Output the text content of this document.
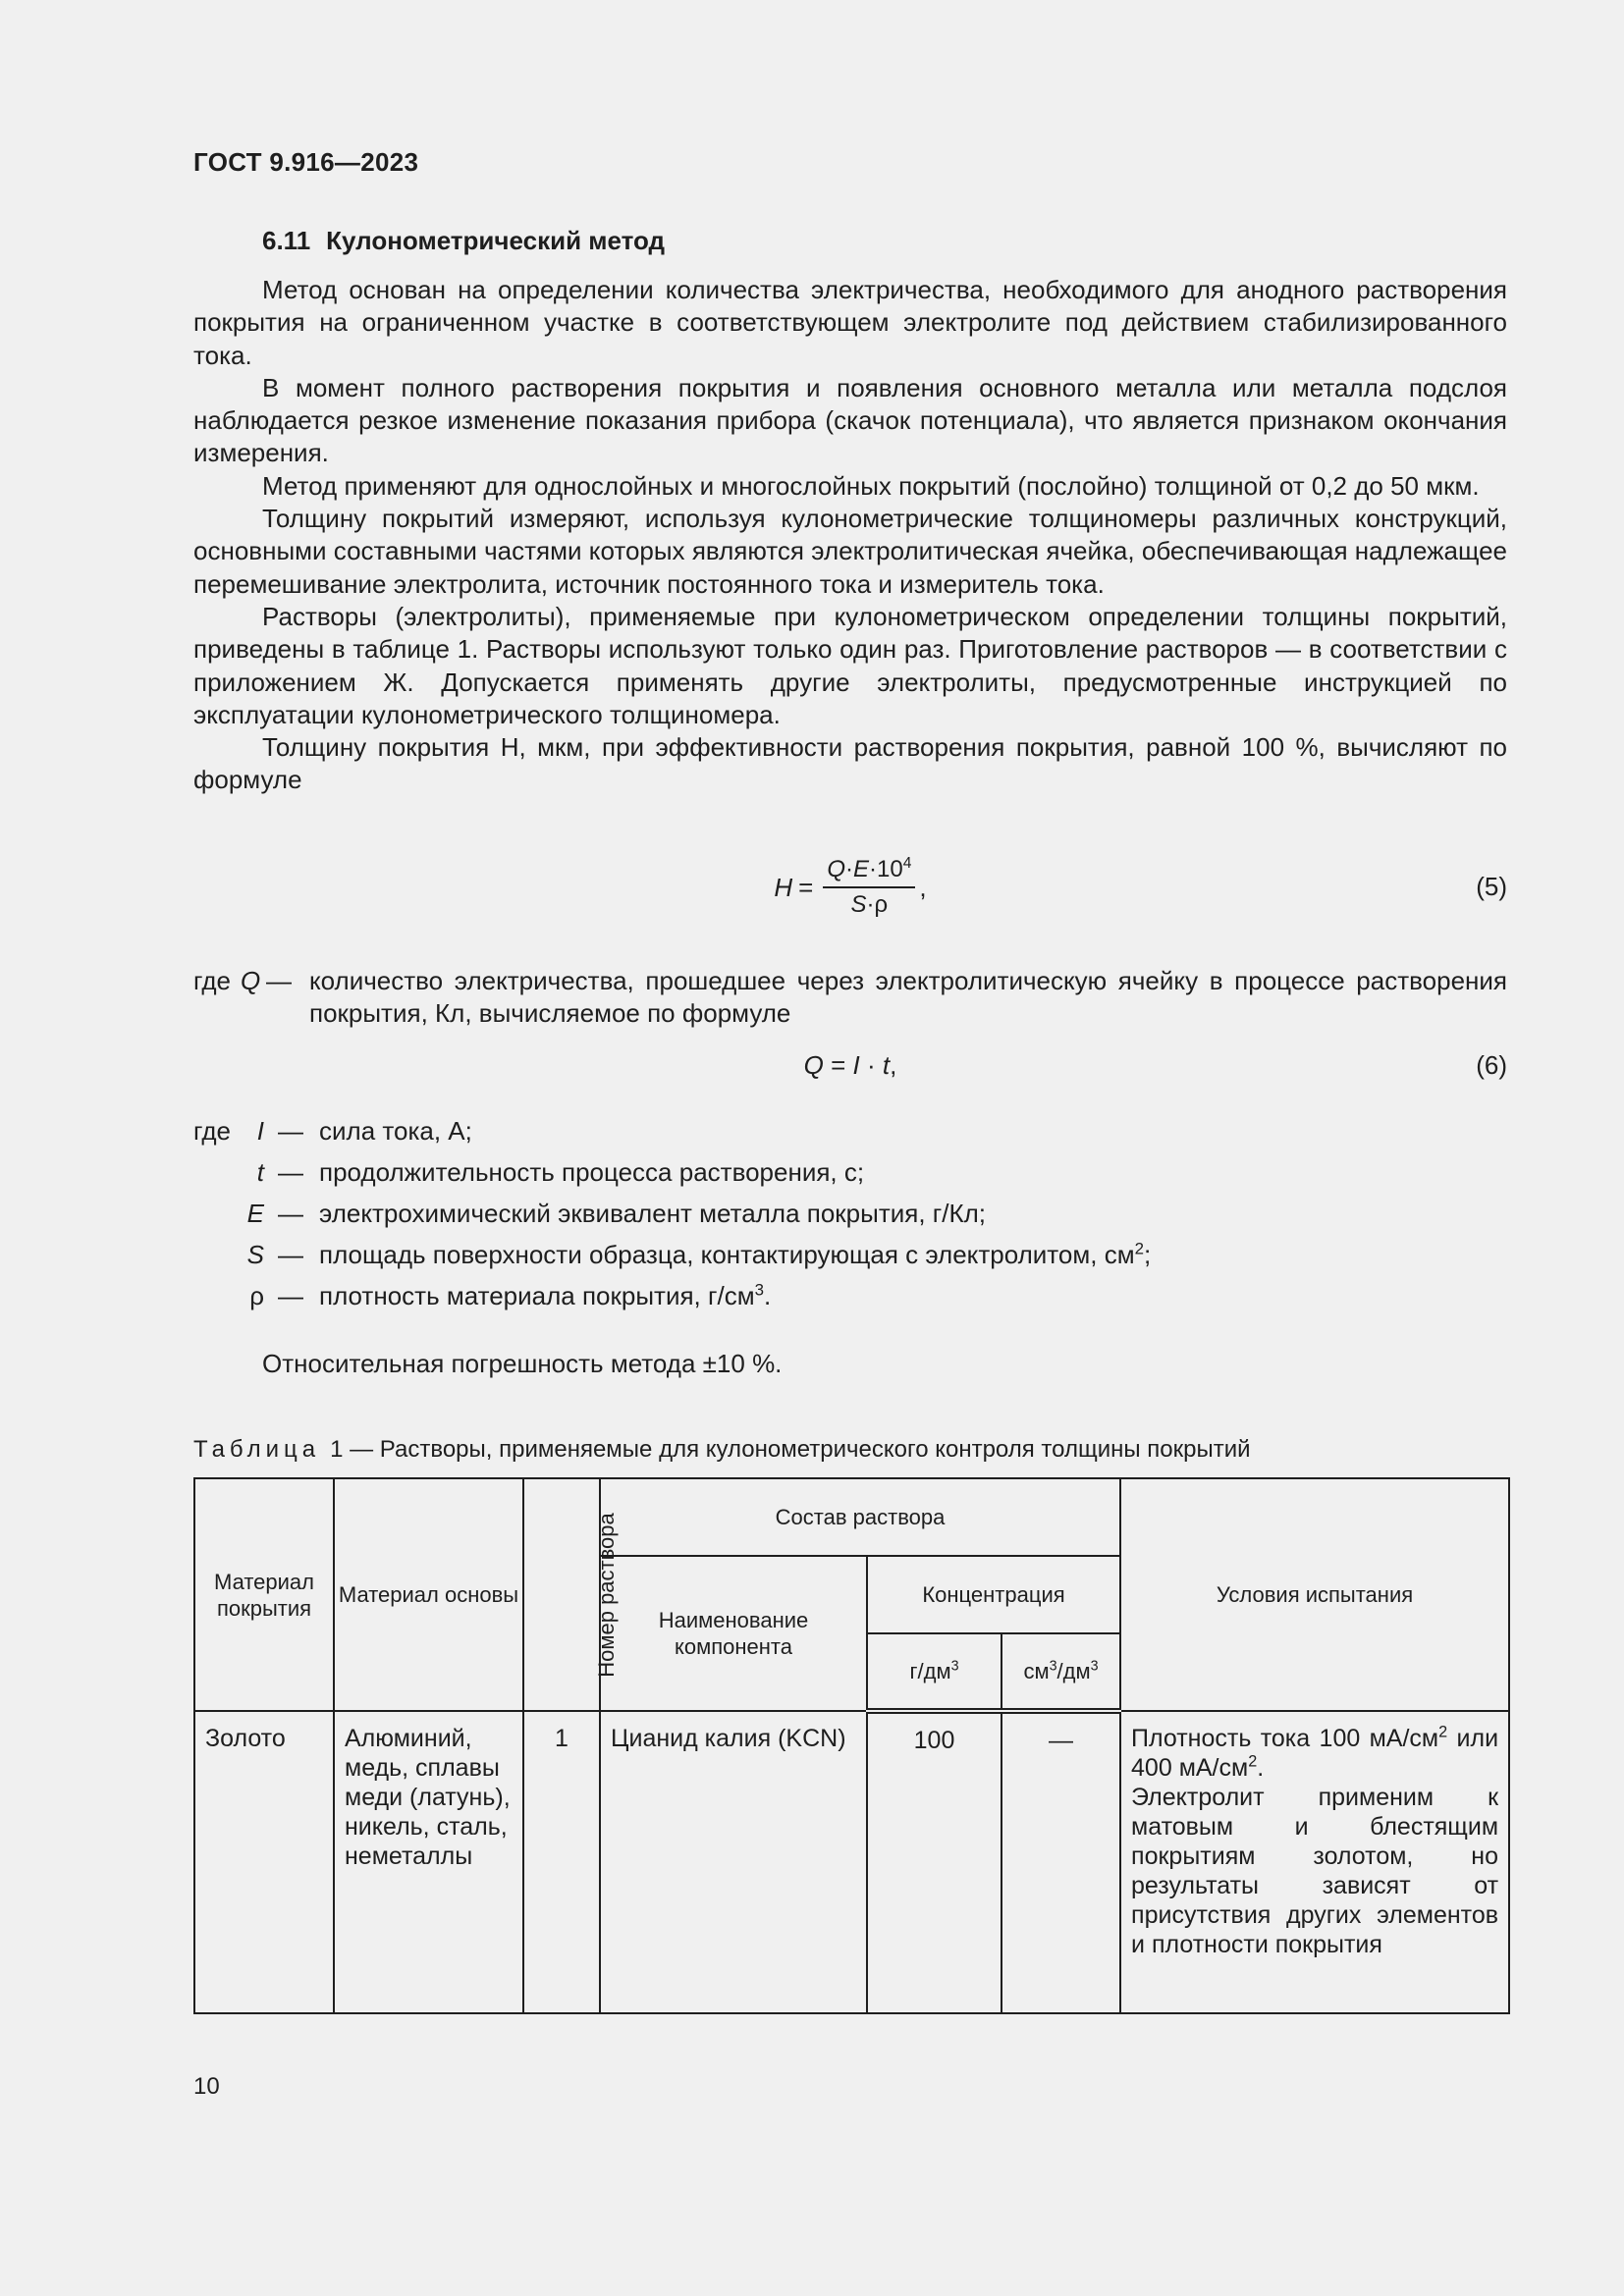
ГОСТ 9.916—2023
6.11 Кулонометрический метод

Метод основан на определении количества электричества, необходимого для анодного растворения покрытия на ограниченном участке в соответствующем электролите под действием стабилизированного тока.

В момент полного растворения покрытия и появления основного металла или металла подслоя наблюдается резкое изменение показания прибора (скачок потенциала), что является признаком окончания измерения.

Метод применяют для однослойных и многослойных покрытий (послойно) толщиной от 0,2 до 50 мкм.

Толщину покрытий измеряют, используя кулонометрические толщиномеры различных конструкций, основными составными частями которых являются электролитическая ячейка, обеспечивающая надлежащее перемешивание электролита, источник постоянного тока и измеритель тока.

Растворы (электролиты), применяемые при кулонометрическом определении толщины покрытий, приведены в таблице 1. Растворы используют только один раз. Приготовление растворов — в соответствии с приложением Ж. Допускается применять другие электролиты, предусмотренные инструкцией по эксплуатации кулонометрического толщиномера.

Толщину покрытия Н, мкм, при эффективности растворения покрытия, равной 100 %, вычисляют по формуле

$H = \frac{Q\cdot E\cdot 10^4}{S\cdot\rho}$ ,	(5)
где Q — количество электричества, прошедшее через электролитическую ячейку в процессе растворения покрытия, Кл, вычисляемое по формуле
Q = I · t,	(6)
где	I — сила тока, А;
t — продолжительность процесса растворения, с;
E — электрохимический эквивалент металла покрытия, г/Кл;
S — площадь поверхности образца, контактирующая с электролитом, $см^2$;
ρ — плотность материала покрытия, $г/см^3$.
Относительная погрешность метода ±10 %.
Таблица 1 — Растворы, применяемые для кулонометрического контроля толщины покрытий
Материал покрытия	Материал основы	Номер раствора	Состав раствора			Условия испытания
			Наименование компонента	Концентрация		
				$г/дм^3$	$см^3/дм^3$
Золото	Алюминий, медь, сплавы меди (латунь), никель, сталь, неметаллы	1	Цианид калия (KCN)	100	—	Плотность тока 100 $мА/см^2$ или 400 $мА/см^2$.
Электролит применим к матовым и блестящим покрытиям золотом, но результаты зависят от присутствия других элементов и плотности покрытия
10
